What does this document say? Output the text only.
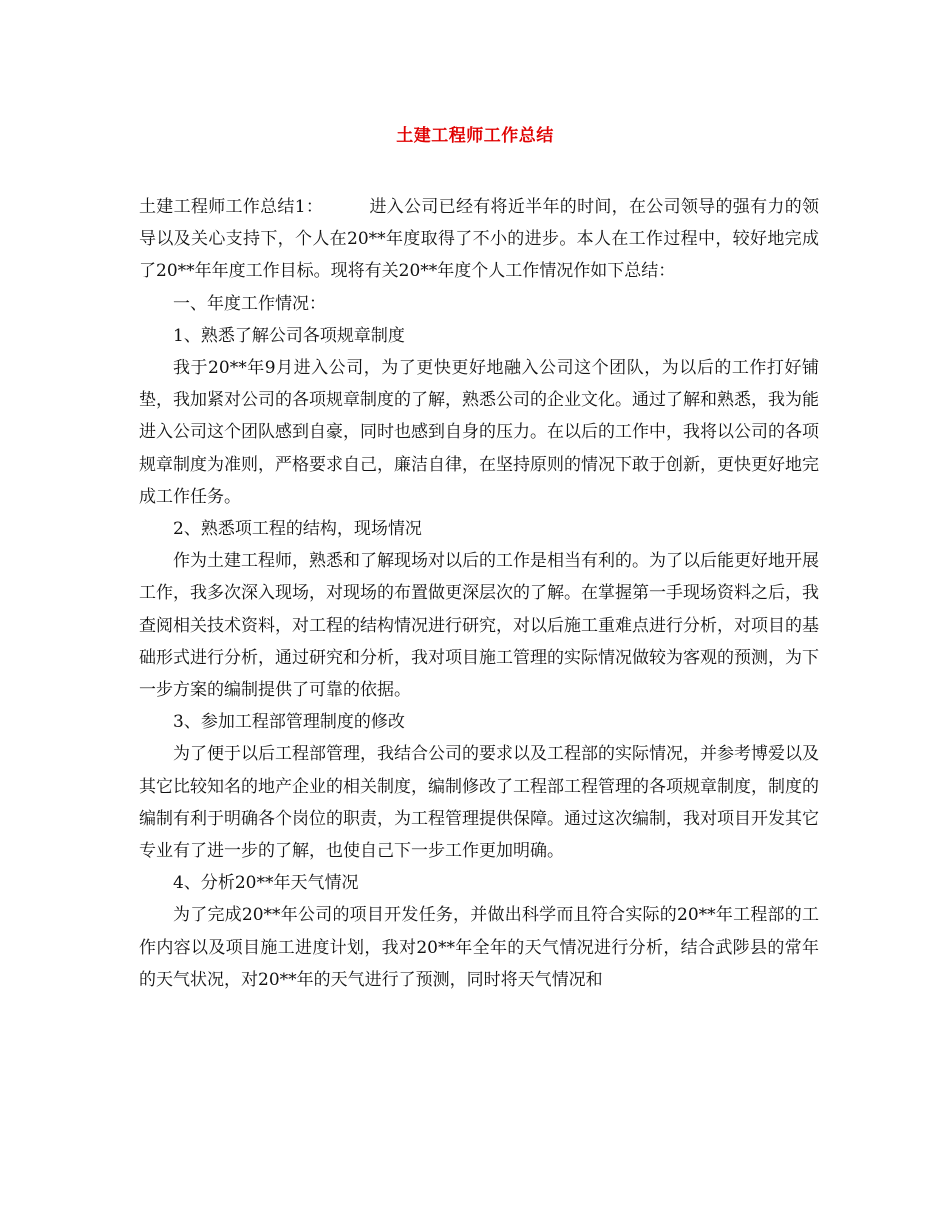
土建工程师工作总结

土建工程师工作总结1：	进入公司已经有将近半年的时间，在公司领导的强有力的领导以及关心支持下，个人在20**年度取得了不小的进步。本人在工作过程中，较好地完成了20**年年度工作目标。现将有关20**年度个人工作情况作如下总结：

一、年度工作情况：

1、熟悉了解公司各项规章制度

我于20**年9月进入公司，为了更快更好地融入公司这个团队，为以后的工作打好铺垫，我加紧对公司的各项规章制度的了解，熟悉公司的企业文化。通过了解和熟悉，我为能进入公司这个团队感到自豪，同时也感到自身的压力。在以后的工作中，我将以公司的各项规章制度为准则，严格要求自己，廉洁自律，在坚持原则的情况下敢于创新，更快更好地完成工作任务。

2、熟悉项工程的结构，现场情况

作为土建工程师，熟悉和了解现场对以后的工作是相当有利的。为了以后能更好地开展工作，我多次深入现场，对现场的布置做更深层次的了解。在掌握第一手现场资料之后，我查阅相关技术资料，对工程的结构情况进行研究，对以后施工重难点进行分析，对项目的基础形式进行分析，通过研究和分析，我对项目施工管理的实际情况做较为客观的预测，为下一步方案的编制提供了可靠的依据。

3、参加工程部管理制度的修改

为了便于以后工程部管理，我结合公司的要求以及工程部的实际情况，并参考博爱以及其它比较知名的地产企业的相关制度，编制修改了工程部工程管理的各项规章制度，制度的编制有利于明确各个岗位的职责，为工程管理提供保障。通过这次编制，我对项目开发其它专业有了进一步的了解，也使自己下一步工作更加明确。

4、分析20**年天气情况

为了完成20**年公司的项目开发任务，并做出科学而且符合实际的20**年工程部的工作内容以及项目施工进度计划，我对20**年全年的天气情况进行分析，结合武陟县的常年的天气状况，对20**年的天气进行了预测，同时将天气情况和
